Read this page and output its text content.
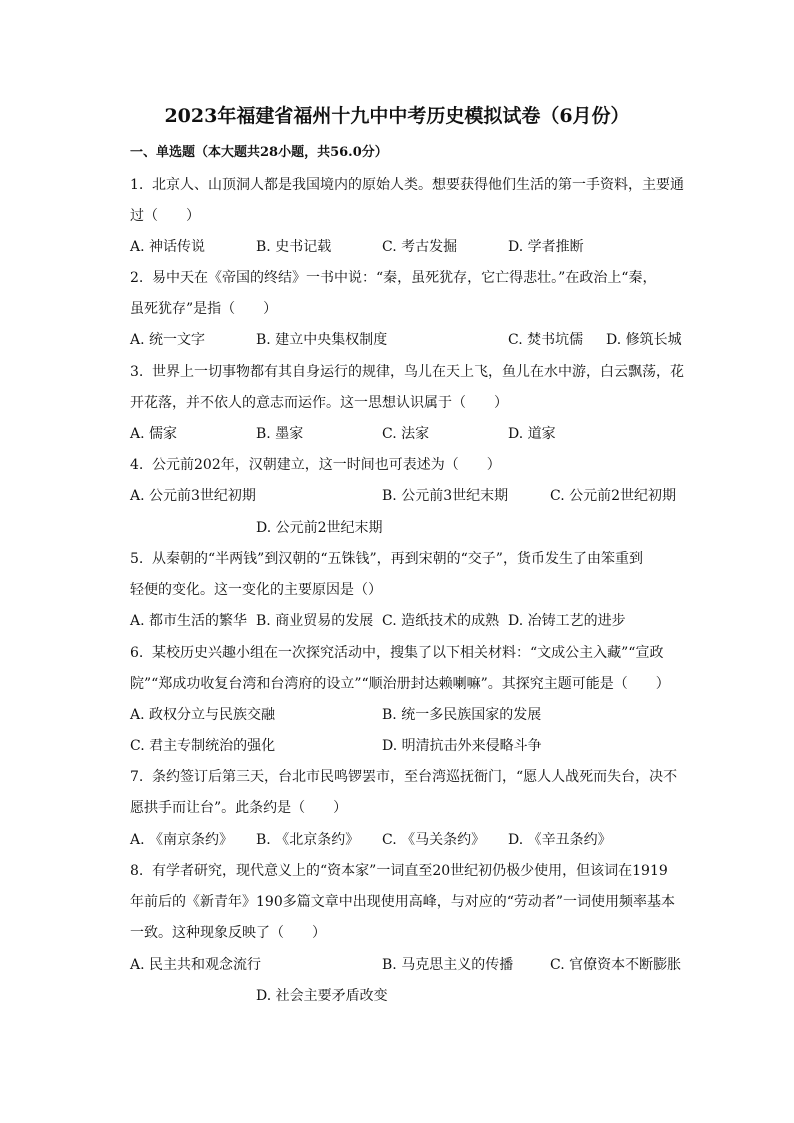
2023年福建省福州十九中中考历史模拟试卷（6月份）
一、单选题（本大题共28小题，共56.0分）
1. 北京人、山顶洞人都是我国境内的原始人类。想要获得他们生活的第一手资料，主要通
过（　　）
A. 神话传说	B. 史书记载	C. 考古发掘	D. 学者推断
2. 易中天在《帝国的终结》一书中说：“秦，虽死犹存，它亡得悲壮。”在政治上“秦，
虽死犹存”是指（　　）
A. 统一文字	B. 建立中央集权制度	C. 焚书坑儒 D. 修筑长城
3. 世界上一切事物都有其自身运行的规律，鸟儿在天上飞，鱼儿在水中游，白云飘荡，花
开花落，并不依人的意志而运作。这一思想认识属于（　　）
A. 儒家	B. 墨家	C. 法家	D. 道家
4. 公元前202年，汉朝建立，这一时间也可表述为（　　）
A. 公元前3世纪初期	B. 公元前3世纪末期	C. 公元前2世纪初期
D. 公元前2世纪末期
5. 从秦朝的“半两钱”到汉朝的“五铢钱”，再到宋朝的“交子”，货币发生了由笨重到
轻便的变化。这一变化的主要原因是（）
A. 都市生活的繁华 B. 商业贸易的发展 C. 造纸技术的成熟 D. 冶铸工艺的进步
6. 某校历史兴趣小组在一次探究活动中，搜集了以下相关材料：“文成公主入藏”“宣政
院”“郑成功收复台湾和台湾府的设立”“顺治册封达赖喇嘛”。其探究主题可能是（　　）
A. 政权分立与民族交融	B. 统一多民族国家的发展
C. 君主专制统治的强化	D. 明清抗击外来侵略斗争
7. 条约签订后第三天，台北市民鸣锣罢市，至台湾巡抚衙门，“愿人人战死而失台，决不
愿拱手而让台”。此条约是（　　）
A. 《南京条约》 B. 《北京条约》 C. 《马关条约》 D. 《辛丑条约》
8. 有学者研究，现代意义上的“资本家”一词直至20世纪初仍极少使用，但该词在1919
年前后的《新青年》190多篇文章中出现使用高峰，与对应的“劳动者”一词使用频率基本
一致。这种现象反映了（　　）
A. 民主共和观念流行	B. 马克思主义的传播	C. 官僚资本不断膨胀
D. 社会主要矛盾改变
